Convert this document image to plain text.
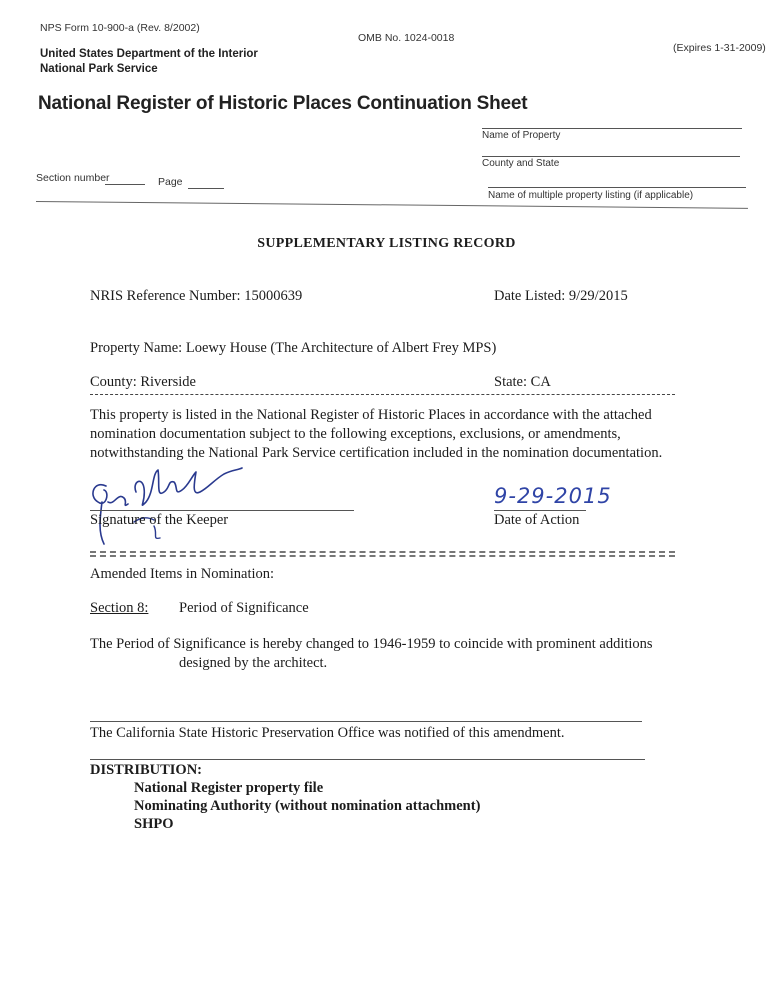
NPS Form 10-900-a (Rev. 8/2002)
OMB No. 1024-0018
(Expires 1-31-2009)
United States Department of the Interior
National Park Service
National Register of Historic Places Continuation Sheet
Name of Property
County and State
Name of multiple property listing (if applicable)
Section number	Page
SUPPLEMENTARY LISTING RECORD
NRIS Reference Number: 15000639	Date Listed: 9/29/2015
Property Name: Loewy House (The Architecture of Albert Frey MPS)
County: Riverside	State: CA
This property is listed in the National Register of Historic Places in accordance with the attached nomination documentation subject to the following exceptions, exclusions, or amendments, notwithstanding the National Park Service certification included in the nomination documentation.
9-29-2015
Signature of the Keeper	Date of Action
Amended Items in Nomination:
Section 8: Period of Significance
The Period of Significance is hereby changed to 1946-1959 to coincide with prominent additions
designed by the architect.
The California State Historic Preservation Office was notified of this amendment.
DISTRIBUTION:
National Register property file
Nominating Authority (without nomination attachment)
SHPO
